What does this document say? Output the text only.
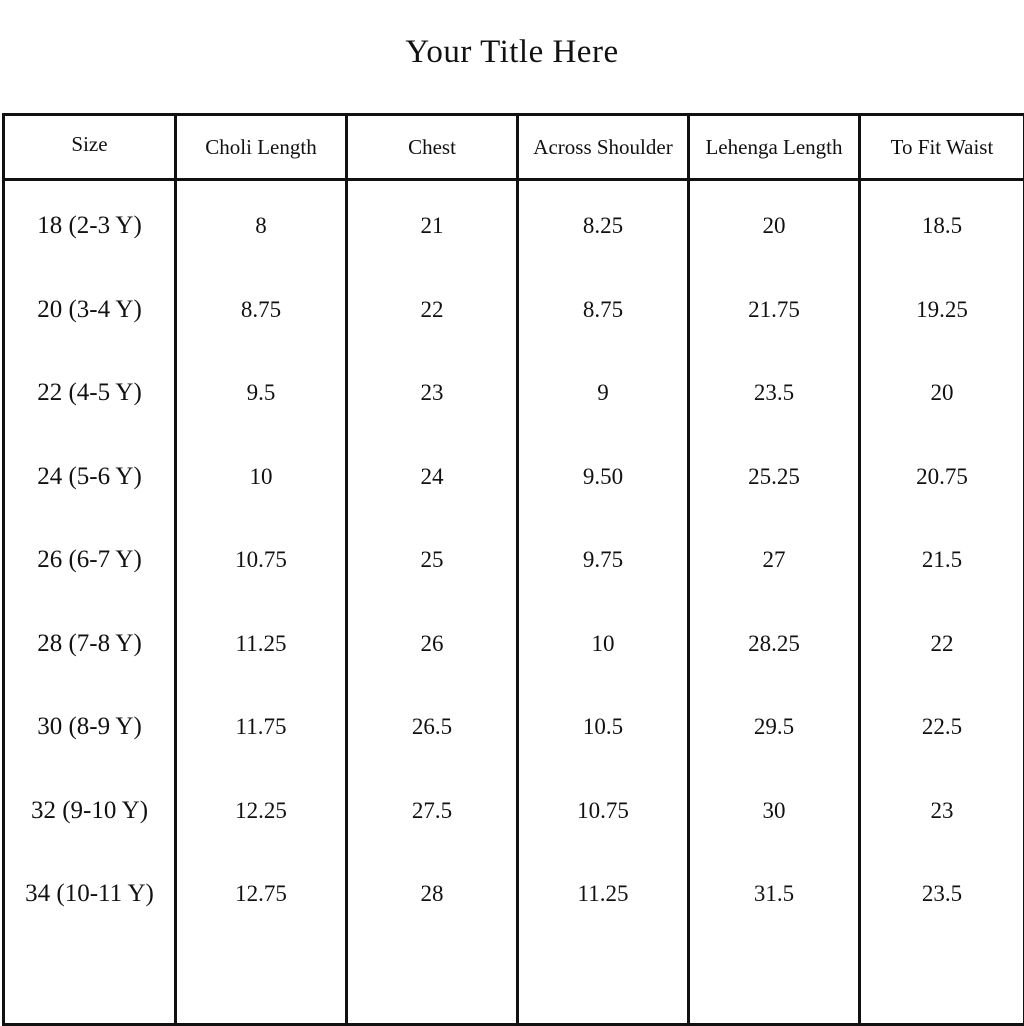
Your Title Here
Size	Choli Length	Chest	Across Shoulder	Lehenga Length	To Fit Waist
18 (2-3 Y)	8	21	8.25	20	18.5
20 (3-4 Y)	8.75	22	8.75	21.75	19.25
22 (4-5 Y)	9.5	23	9	23.5	20
24 (5-6 Y)	10	24	9.50	25.25	20.75
26 (6-7 Y)	10.75	25	9.75	27	21.5
28 (7-8 Y)	11.25	26	10	28.25	22
30 (8-9 Y)	11.75	26.5	10.5	29.5	22.5
32 (9-10 Y)	12.25	27.5	10.75	30	23
34 (10-11 Y)	12.75	28	11.25	31.5	23.5
